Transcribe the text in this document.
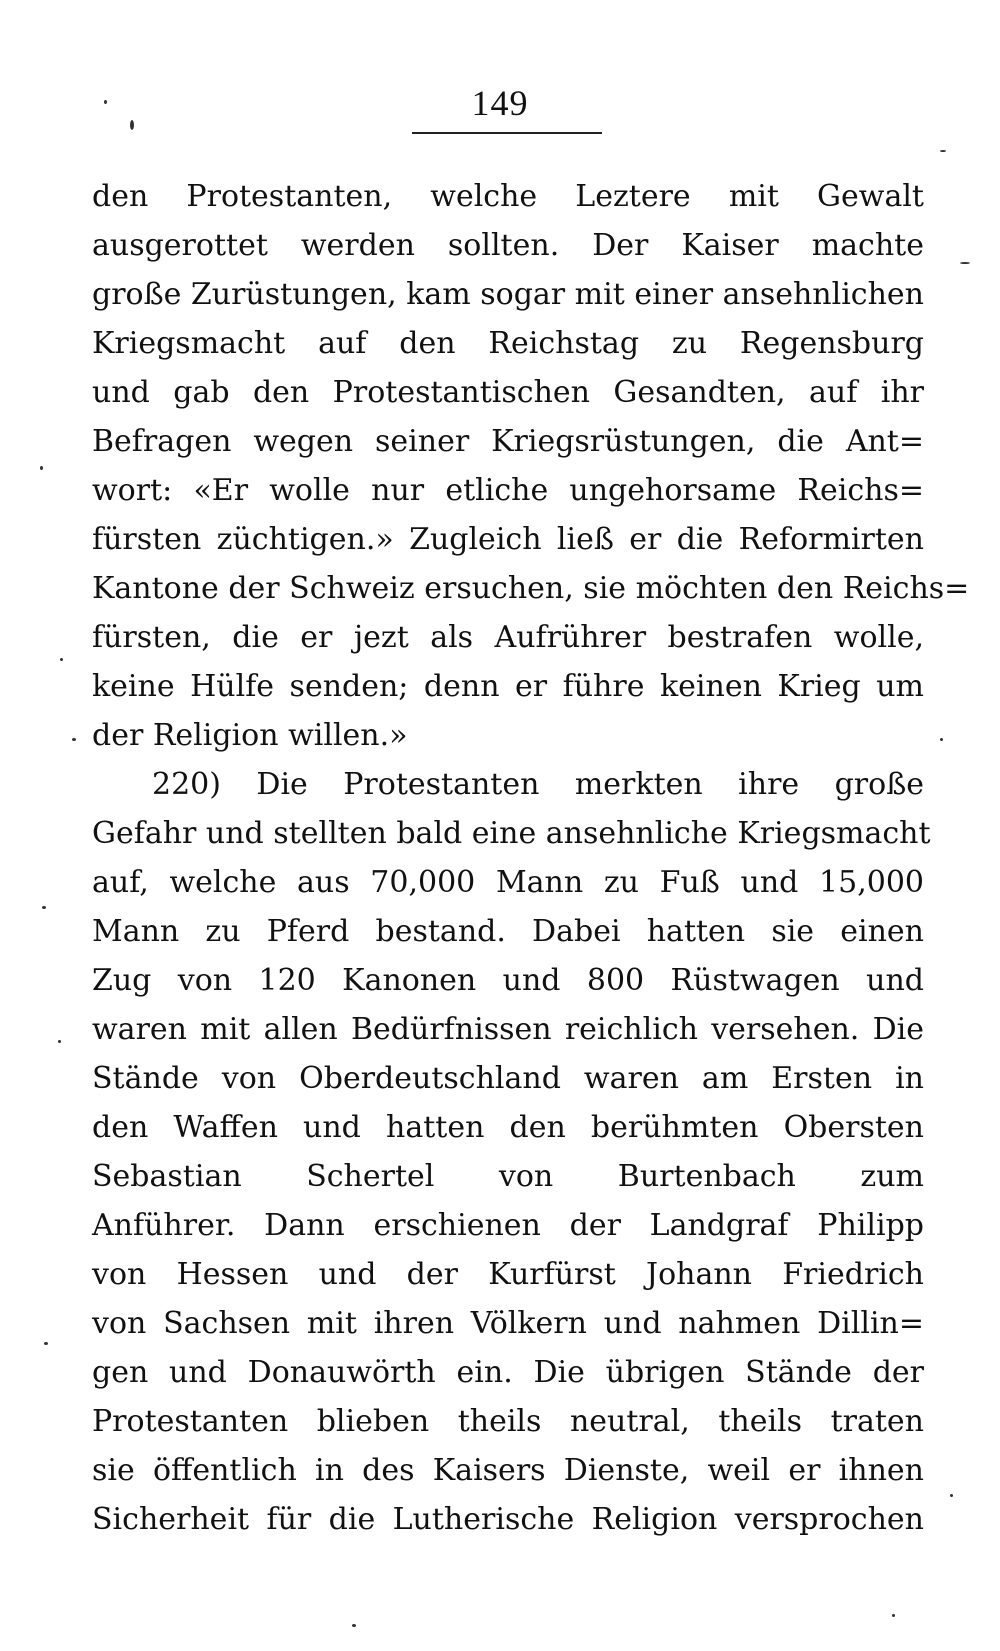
149
den Protestanten, welche Leztere mit Gewalt
ausgerottet werden sollten. Der Kaiser machte
große Zurüstungen, kam sogar mit einer ansehnlichen
Kriegsmacht auf den Reichstag zu Regensburg
und gab den Protestantischen Gesandten, auf ihr
Befragen wegen seiner Kriegsrüstungen, die Ant=
wort: «Er wolle nur etliche ungehorsame Reichs=
fürsten züchtigen.» Zugleich ließ er die Reformirten
Kantone der Schweiz ersuchen, sie möchten den Reichs=
fürsten, die er jezt als Aufrührer bestrafen wolle,
keine Hülfe senden; denn er führe keinen Krieg um
der Religion willen.»
220) Die Protestanten merkten ihre große
Gefahr und stellten bald eine ansehnliche Kriegsmacht
auf, welche aus 70,000 Mann zu Fuß und 15,000
Mann zu Pferd bestand. Dabei hatten sie einen
Zug von 120 Kanonen und 800 Rüstwagen und
waren mit allen Bedürfnissen reichlich versehen. Die
Stände von Oberdeutschland waren am Ersten in
den Waffen und hatten den berühmten Obersten
Sebastian Schertel von Burtenbach zum
Anführer. Dann erschienen der Landgraf Philipp
von Hessen und der Kurfürst Johann Friedrich
von Sachsen mit ihren Völkern und nahmen Dillin=
gen und Donauwörth ein. Die übrigen Stände der
Protestanten blieben theils neutral, theils traten
sie öffentlich in des Kaisers Dienste, weil er ihnen
Sicherheit für die Lutherische Religion versprochen
